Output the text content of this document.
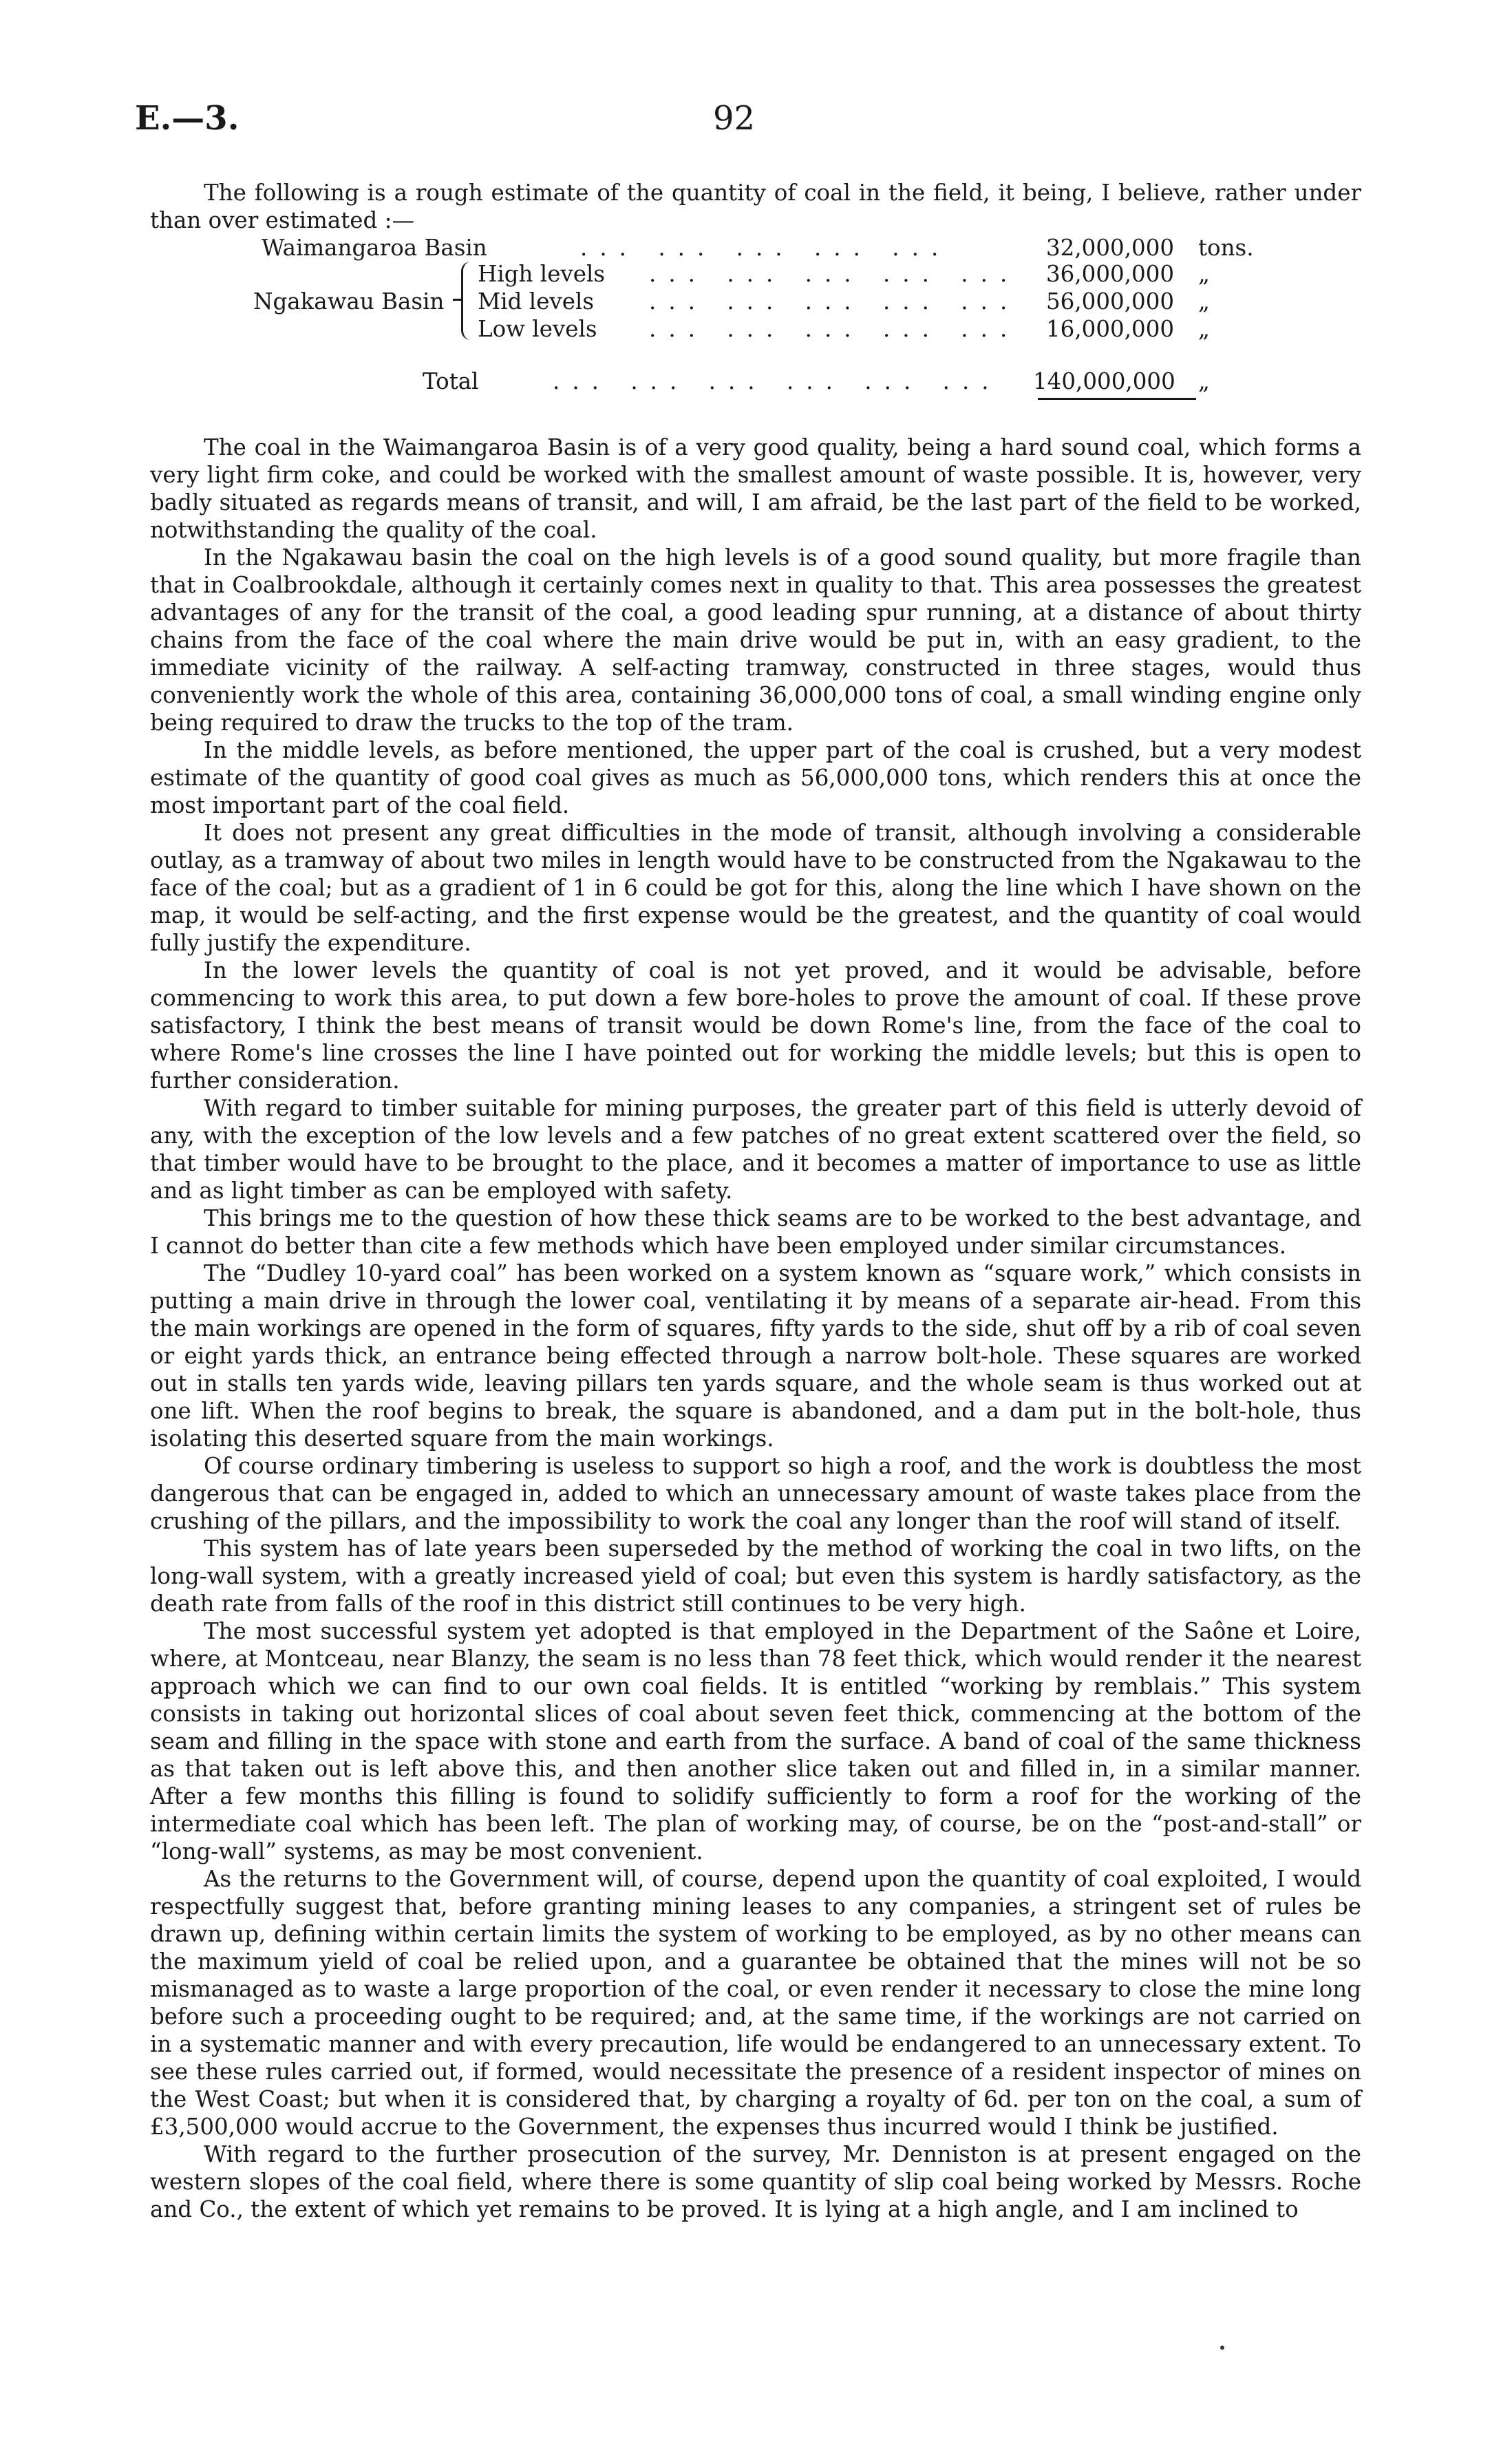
E.—3.	92

The following is a rough estimate of the quantity of coal in the field, it being, I believe, rather under than over estimated :—

Waimangaroa Basin	... ... ... ... ...	32,000,000 tons.
Ngakawau Basin
High levels ... ... ... ... ... 36,000,000 „
Mid levels ... ... ... ... ... 56,000,000 „
Low levels ... ... ... ... ... 16,000,000 „
Total	... ... ... ... ... ... 140,000,000 „

The coal in the Waimangaroa Basin is of a very good quality, being a hard sound coal, which forms a very light firm coke, and could be worked with the smallest amount of waste possible. It is, however, very badly situated as regards means of transit, and will, I am afraid, be the last part of the field to be worked, notwithstanding the quality of the coal.

In the Ngakawau basin the coal on the high levels is of a good sound quality, but more fragile than that in Coalbrookdale, although it certainly comes next in quality to that. This area possesses the greatest advantages of any for the transit of the coal, a good leading spur running, at a distance of about thirty chains from the face of the coal where the main drive would be put in, with an easy gradient, to the immediate vicinity of the railway. A self-acting tramway, constructed in three stages, would thus conveniently work the whole of this area, containing 36,000,000 tons of coal, a small winding engine only being required to draw the trucks to the top of the tram.

In the middle levels, as before mentioned, the upper part of the coal is crushed, but a very modest estimate of the quantity of good coal gives as much as 56,000,000 tons, which renders this at once the most important part of the coal field.

It does not present any great difficulties in the mode of transit, although involving a considerable outlay, as a tramway of about two miles in length would have to be constructed from the Ngakawau to the face of the coal; but as a gradient of 1 in 6 could be got for this, along the line which I have shown on the map, it would be self-acting, and the first expense would be the greatest, and the quantity of coal would fully justify the expenditure.

In the lower levels the quantity of coal is not yet proved, and it would be advisable, before commencing to work this area, to put down a few bore-holes to prove the amount of coal. If these prove satisfactory, I think the best means of transit would be down Rome's line, from the face of the coal to where Rome's line crosses the line I have pointed out for working the middle levels; but this is open to further consideration.

With regard to timber suitable for mining purposes, the greater part of this field is utterly devoid of any, with the exception of the low levels and a few patches of no great extent scattered over the field, so that timber would have to be brought to the place, and it becomes a matter of importance to use as little and as light timber as can be employed with safety.

This brings me to the question of how these thick seams are to be worked to the best advantage, and I cannot do better than cite a few methods which have been employed under similar circumstances.

The “Dudley 10-yard coal” has been worked on a system known as “square work,” which consists in putting a main drive in through the lower coal, ventilating it by means of a separate air-head. From this the main workings are opened in the form of squares, fifty yards to the side, shut off by a rib of coal seven or eight yards thick, an entrance being effected through a narrow bolt-hole. These squares are worked out in stalls ten yards wide, leaving pillars ten yards square, and the whole seam is thus worked out at one lift. When the roof begins to break, the square is abandoned, and a dam put in the bolt-hole, thus isolating this deserted square from the main workings.

Of course ordinary timbering is useless to support so high a roof, and the work is doubtless the most dangerous that can be engaged in, added to which an unnecessary amount of waste takes place from the crushing of the pillars, and the impossibility to work the coal any longer than the roof will stand of itself.

This system has of late years been superseded by the method of working the coal in two lifts, on the long-wall system, with a greatly increased yield of coal; but even this system is hardly satisfactory, as the death rate from falls of the roof in this district still continues to be very high.

The most successful system yet adopted is that employed in the Department of the Saône et Loire, where, at Montceau, near Blanzy, the seam is no less than 78 feet thick, which would render it the nearest approach which we can find to our own coal fields. It is entitled “working by remblais.” This system consists in taking out horizontal slices of coal about seven feet thick, commencing at the bottom of the seam and filling in the space with stone and earth from the surface. A band of coal of the same thickness as that taken out is left above this, and then another slice taken out and filled in, in a similar manner. After a few months this filling is found to solidify sufficiently to form a roof for the working of the intermediate coal which has been left. The plan of working may, of course, be on the “post-and-stall” or “long-wall” systems, as may be most convenient.

As the returns to the Government will, of course, depend upon the quantity of coal exploited, I would respectfully suggest that, before granting mining leases to any companies, a stringent set of rules be drawn up, defining within certain limits the system of working to be employed, as by no other means can the maximum yield of coal be relied upon, and a guarantee be obtained that the mines will not be so mismanaged as to waste a large proportion of the coal, or even render it necessary to close the mine long before such a proceeding ought to be required; and, at the same time, if the workings are not carried on in a systematic manner and with every precaution, life would be endangered to an unnecessary extent. To see these rules carried out, if formed, would necessitate the presence of a resident inspector of mines on the West Coast; but when it is considered that, by charging a royalty of 6d. per ton on the coal, a sum of £3,500,000 would accrue to the Government, the expenses thus incurred would I think be justified.

With regard to the further prosecution of the survey, Mr. Denniston is at present engaged on the western slopes of the coal field, where there is some quantity of slip coal being worked by Messrs. Roche and Co., the extent of which yet remains to be proved. It is lying at a high angle, and I am inclined to
